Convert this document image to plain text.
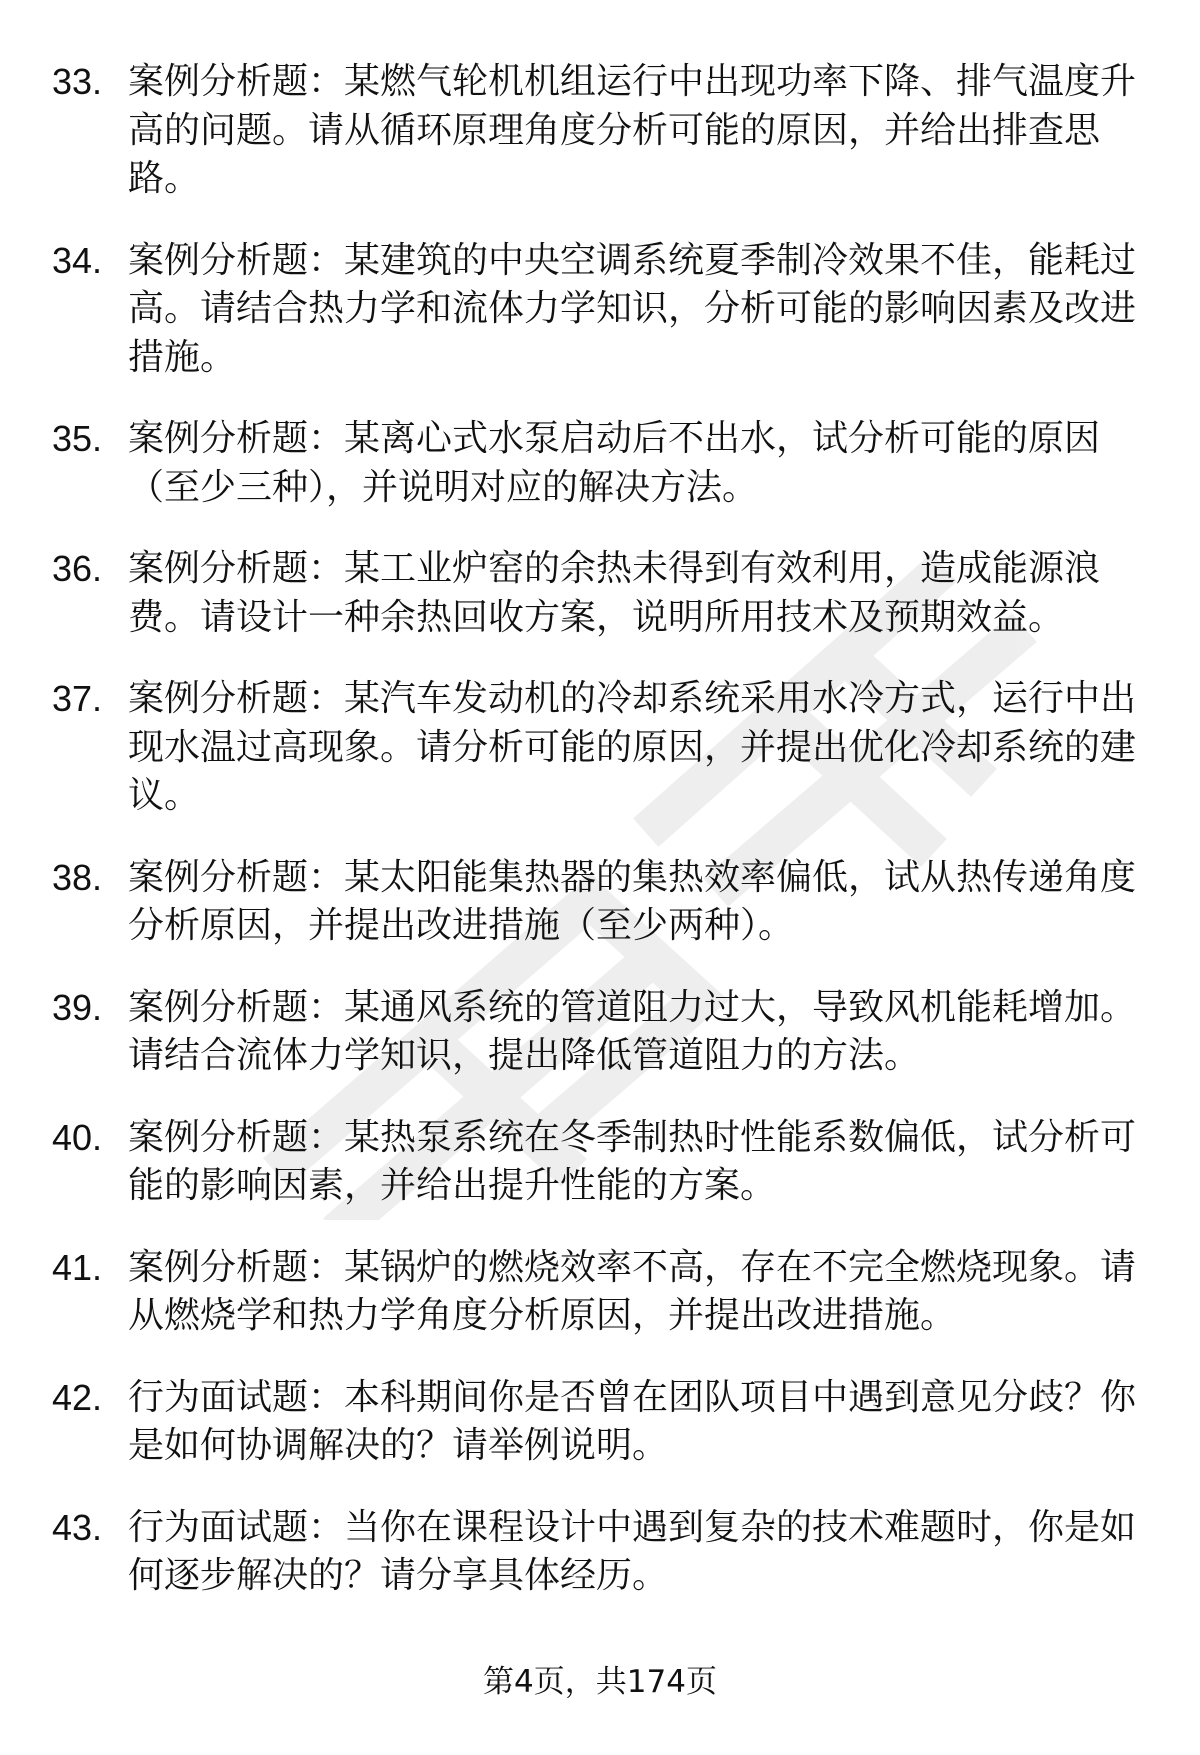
33. 案例分析题：某燃气轮机机组运行中出现功率下降、排气温度升高的问题。请从循环原理角度分析可能的原因，并给出排查思路。
34. 案例分析题：某建筑的中央空调系统夏季制冷效果不佳，能耗过高。请结合热力学和流体力学知识，分析可能的影响因素及改进措施。
35. 案例分析题：某离心式水泵启动后不出水，试分析可能的原因（至少三种），并说明对应的解决方法。
36. 案例分析题：某工业炉窑的余热未得到有效利用，造成能源浪费。请设计一种余热回收方案，说明所用技术及预期效益。
37. 案例分析题：某汽车发动机的冷却系统采用水冷方式，运行中出现水温过高现象。请分析可能的原因，并提出优化冷却系统的建议。
38. 案例分析题：某太阳能集热器的集热效率偏低，试从热传递角度分析原因，并提出改进措施（至少两种）。
39. 案例分析题：某通风系统的管道阻力过大，导致风机能耗增加。请结合流体力学知识，提出降低管道阻力的方法。
40. 案例分析题：某热泵系统在冬季制热时性能系数偏低，试分析可能的影响因素，并给出提升性能的方案。
41. 案例分析题：某锅炉的燃烧效率不高，存在不完全燃烧现象。请从燃烧学和热力学角度分析原因，并提出改进措施。
42. 行为面试题：本科期间你是否曾在团队项目中遇到意见分歧？你是如何协调解决的？请举例说明。
43. 行为面试题：当你在课程设计中遇到复杂的技术难题时，你是如何逐步解决的？请分享具体经历。
第4页，共174页
